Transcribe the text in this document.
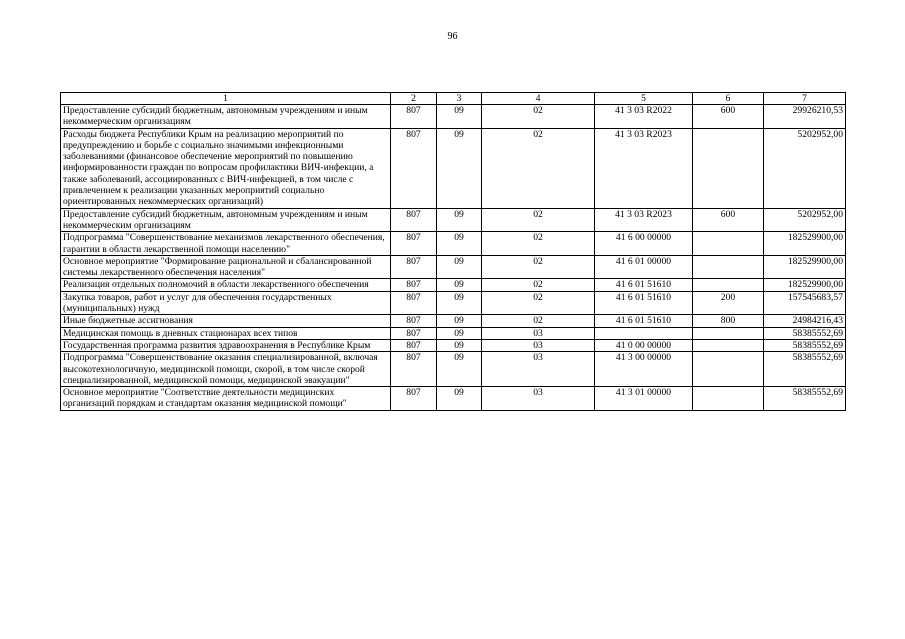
96
1	2	3	4	5	6	7
Предоставление субсидий бюджетным, автономным учреждениям и иным некоммерческим организациям	807	09	02	41 3 03 R2022	600	29926210,53
Расходы бюджета Республики Крым на реализацию мероприятий по предупреждению и борьбе с социально значимыми инфекционными заболеваниями (финансовое обеспечение мероприятий по повышению информированности граждан по вопросам профилактики ВИЧ-инфекции, а также заболеваний, ассоциированных с ВИЧ-инфекцией, в том числе с привлечением к реализации указанных мероприятий социально ориентированных некоммерческих организаций)	807	09	02	41 3 03 R2023		5202952,00
Предоставление субсидий бюджетным, автономным учреждениям и иным некоммерческим организациям	807	09	02	41 3 03 R2023	600	5202952,00
Подпрограмма "Совершенствование механизмов лекарственного обеспечения, гарантии в области лекарственной помощи населению"	807	09	02	41 6 00 00000		182529900,00
Основное мероприятие "Формирование рациональной и сбалансированной системы лекарственного обеспечения населения"	807	09	02	41 6 01 00000		182529900,00
Реализация отдельных полномочий в области лекарственного обеспечения	807	09	02	41 6 01 51610		182529900,00
Закупка товаров, работ и услуг для обеспечения государственных (муниципальных) нужд	807	09	02	41 6 01 51610	200	157545683,57
Иные бюджетные ассигнования	807	09	02	41 6 01 51610	800	24984216,43
Медицинская помощь в дневных стационарах всех типов	807	09	03			58385552,69
Государственная программа развития здравоохранения в Республике Крым	807	09	03	41 0 00 00000		58385552,69
Подпрограмма "Совершенствование оказания специализированной, включая высокотехнологичную, медицинской помощи, скорой, в том числе скорой специализированной, медицинской помощи, медицинской эвакуации"	807	09	03	41 3 00 00000		58385552,69
Основное мероприятие "Соответствие деятельности медицинских организаций порядкам и стандартам оказания медицинской помощи"	807	09	03	41 3 01 00000		58385552,69
